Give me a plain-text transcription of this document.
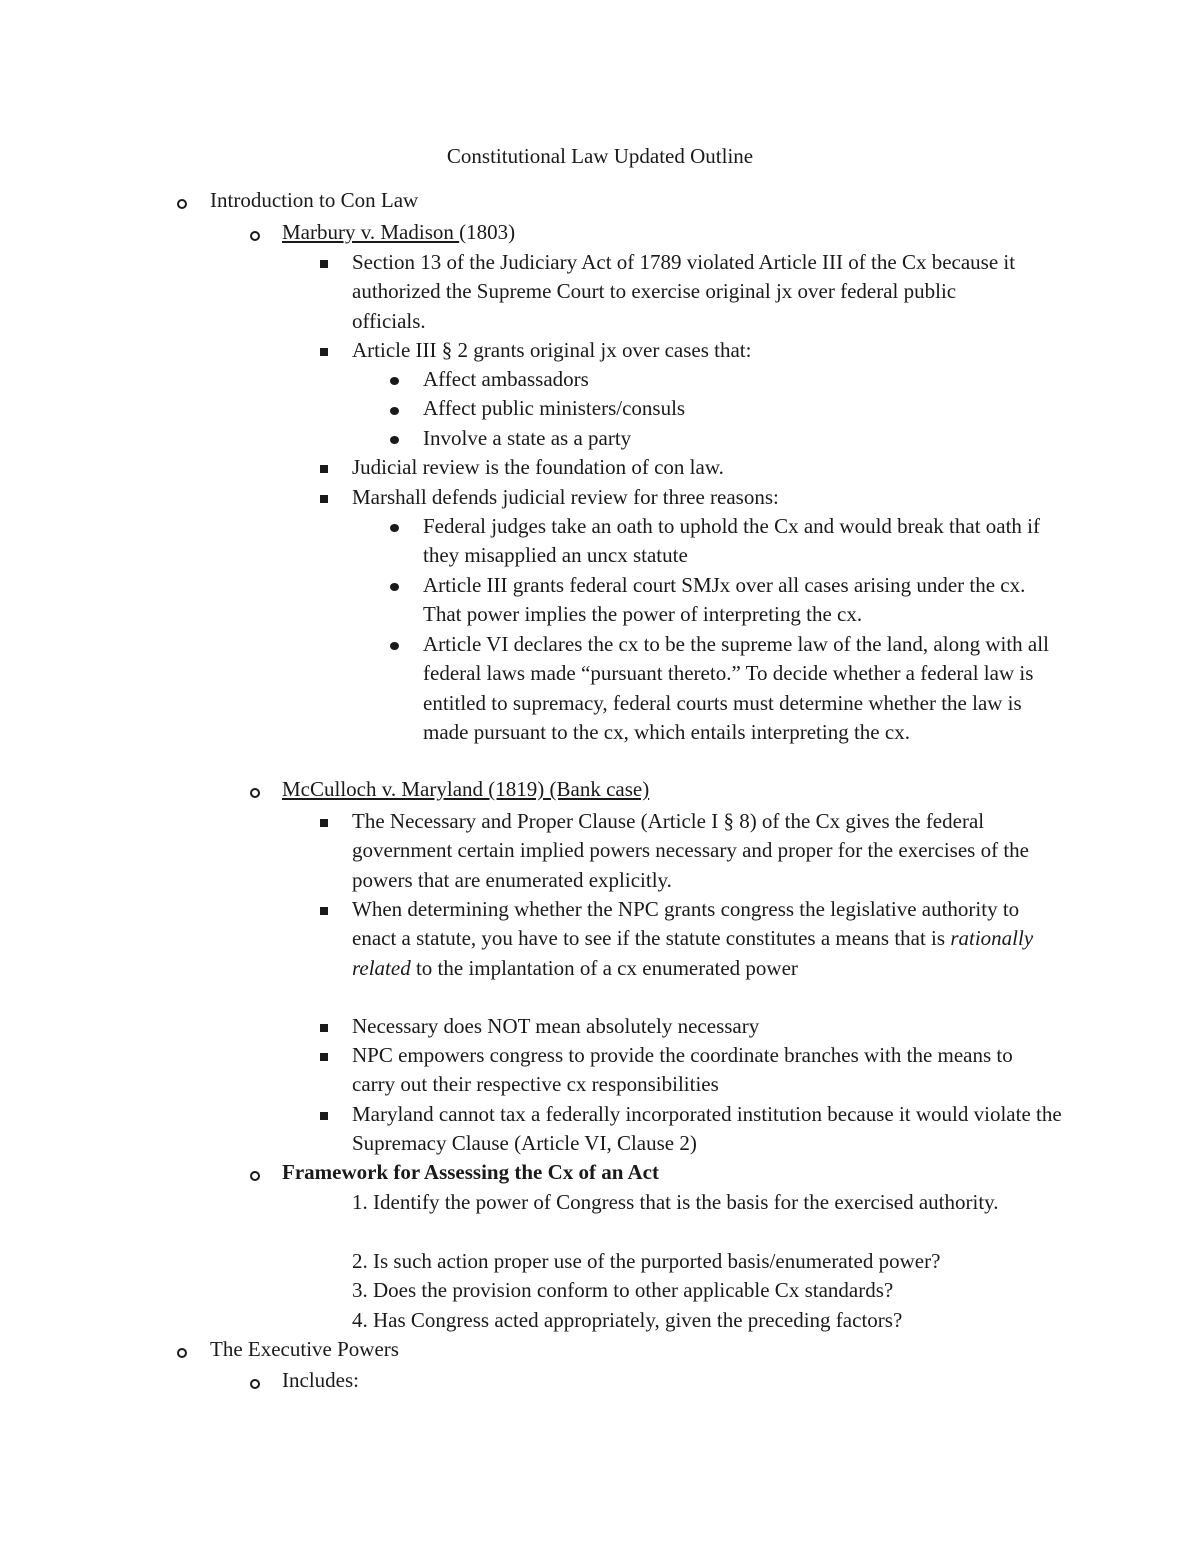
Constitutional Law Updated Outline
Introduction to Con Law
Marbury v. Madison (1803)
Section 13 of the Judiciary Act of 1789 violated Article III of the Cx because it authorized the Supreme Court to exercise original jx over federal public officials.
Article III § 2 grants original jx over cases that:
Affect ambassadors
Affect public ministers/consuls
Involve a state as a party
Judicial review is the foundation of con law.
Marshall defends judicial review for three reasons:
Federal judges take an oath to uphold the Cx and would break that oath if they misapplied an uncx statute
Article III grants federal court SMJx over all cases arising under the cx. That power implies the power of interpreting the cx.
Article VI declares the cx to be the supreme law of the land, along with all federal laws made “pursuant thereto.” To decide whether a federal law is entitled to supremacy, federal courts must determine whether the law is made pursuant to the cx, which entails interpreting the cx.
McCulloch v. Maryland (1819) (Bank case)
The Necessary and Proper Clause (Article I § 8) of the Cx gives the federal government certain implied powers necessary and proper for the exercises of the powers that are enumerated explicitly.
When determining whether the NPC grants congress the legislative authority to enact a statute, you have to see if the statute constitutes a means that is rationally related to the implantation of a cx enumerated power
Necessary does NOT mean absolutely necessary
NPC empowers congress to provide the coordinate branches with the means to carry out their respective cx responsibilities
Maryland cannot tax a federally incorporated institution because it would violate the Supremacy Clause (Article VI, Clause 2)
Framework for Assessing the Cx of an Act
1. Identify the power of Congress that is the basis for the exercised authority.
2. Is such action proper use of the purported basis/enumerated power?
3. Does the provision conform to other applicable Cx standards?
4. Has Congress acted appropriately, given the preceding factors?
The Executive Powers
Includes:
